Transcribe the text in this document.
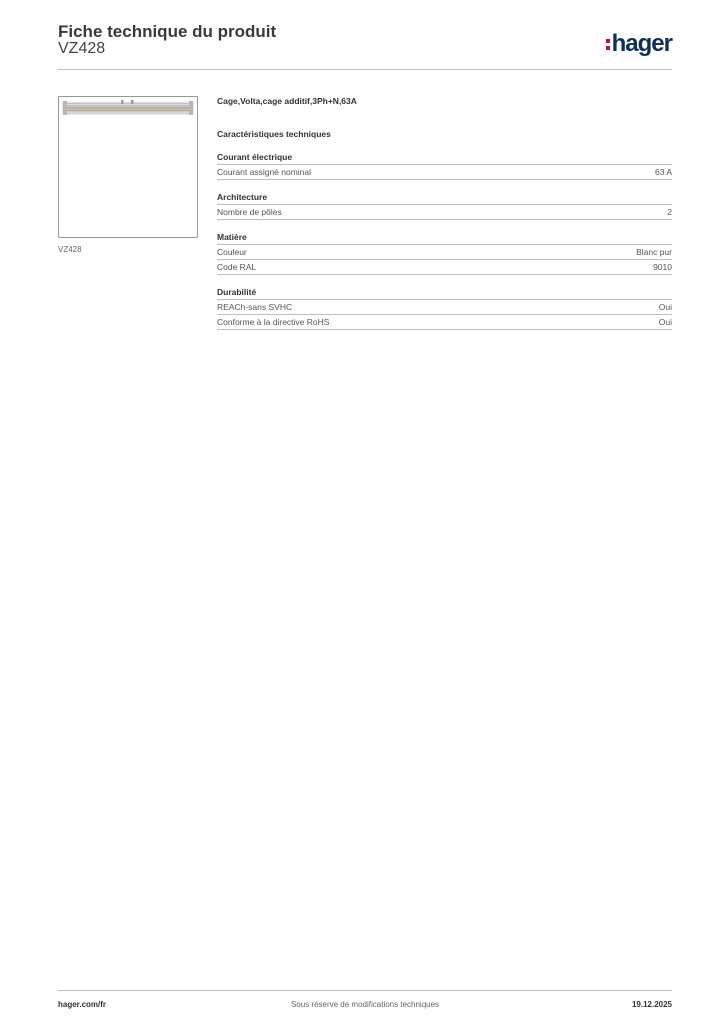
Fiche technique du produit
VZ428	hager
VZ428
Cage,Volta,cage additif,3Ph+N,63A
Caractéristiques techniques
Courant électrique
Courant assigné nominal	63 A
Architecture
Nombre de pôles	2
Matière
Couleur	Blanc pur
Code RAL	9010
Durabilité
REACh-sans SVHC	Oui
Conforme à la directive RoHS	Oui
hager.com/fr	Sous réserve de modifications techniques	19.12.2025
